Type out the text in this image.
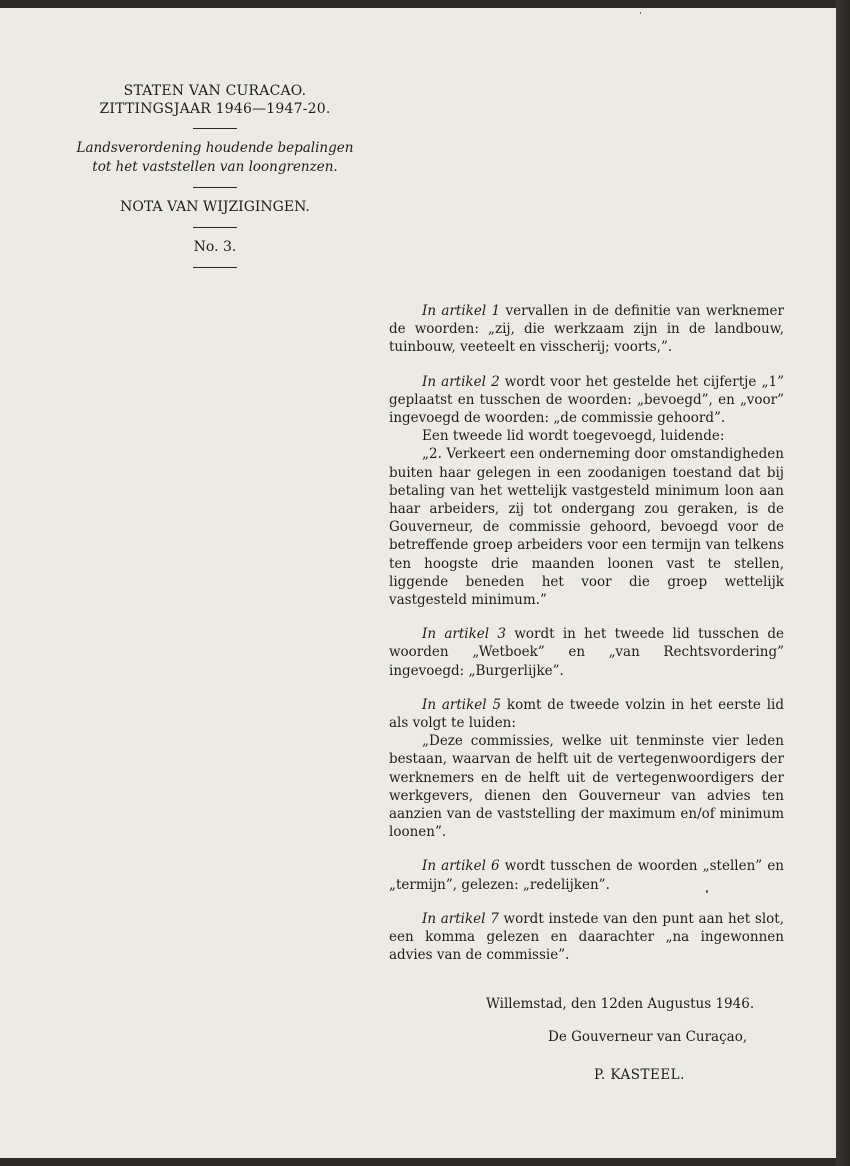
STATEN VAN CURACAO.
ZITTINGSJAAR 1946—1947-20.
Landsverordening houdende bepalingen
tot het vaststellen van loongrenzen.
NOTA VAN WIJZIGINGEN.
No. 3.

In artikel 1 vervallen in de definitie van werknemer de woorden: „zij, die werkzaam zijn in de landbouw, tuinbouw, veeteelt en visscherij; voorts,”.

In artikel 2 wordt voor het gestelde het cijfertje „1” geplaatst en tusschen de woorden: „bevoegd”, en „voor” ingevoegd de woorden: „de commissie gehoord”.

Een tweede lid wordt toegevoegd, luidende:

„2. Verkeert een onderneming door omstandigheden buiten haar gelegen in een zoodanigen toestand dat bij betaling van het wettelijk vastgesteld minimum loon aan haar arbeiders, zij tot ondergang zou geraken, is de Gouverneur, de commissie gehoord, bevoegd voor de betreffende groep arbeiders voor een termijn van telkens ten hoogste drie maanden loonen vast te stellen, liggende beneden het voor die groep wettelijk vastgesteld minimum.”

In artikel 3 wordt in het tweede lid tusschen de woorden „Wetboek” en „van Rechtsvordering” ingevoegd: „Burgerlijke”.

In artikel 5 komt de tweede volzin in het eerste lid als volgt te luiden:

„Deze commissies, welke uit tenminste vier leden bestaan, waarvan de helft uit de vertegenwoordigers der werknemers en de helft uit de vertegenwoordigers der werkgevers, dienen den Gouverneur van advies ten aanzien van de vaststelling der maximum en/of minimum loonen”.

In artikel 6 wordt tusschen de woorden „stellen” en „termijn”, gelezen: „redelijken”.

In artikel 7 wordt instede van den punt aan het slot, een komma gelezen en daarachter „na ingewonnen advies van de commissie”.

Willemstad, den 12den Augustus 1946.
De Gouverneur van Curaçao,
P. KASTEEL.
